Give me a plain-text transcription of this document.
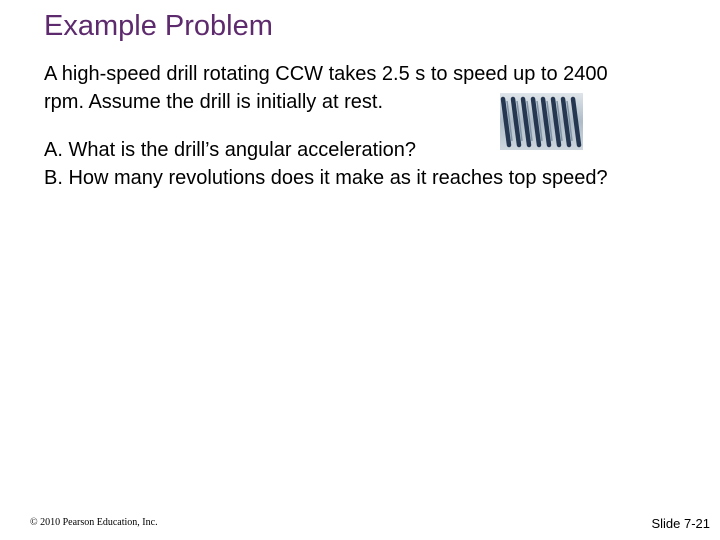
Example Problem
A high-speed drill rotating CCW takes 2.5 s to speed up to 2400
rpm. Assume the drill is initially at rest.
A. What is the drill’s angular acceleration?
B. How many revolutions does it make as it reaches top speed?
© 2010 Pearson Education, Inc.	Slide 7-21
